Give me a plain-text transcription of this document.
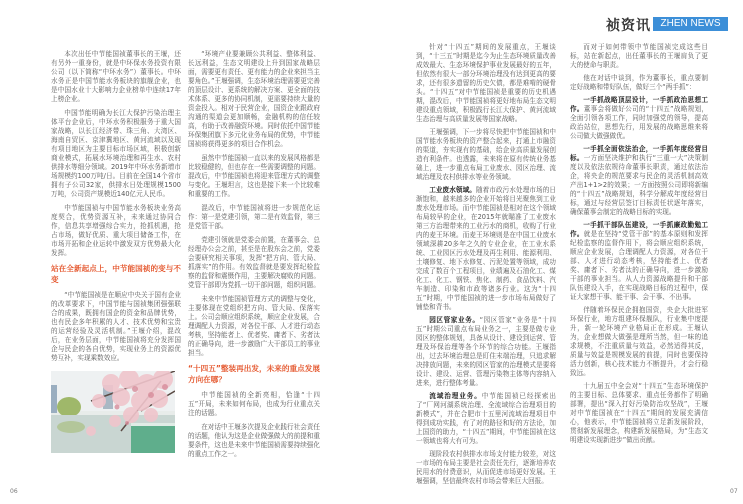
本次出任中节能国祯董事长的王堰，还有另外一重身份，就是中环保水务投资有限公司（以下简称“中环水务”）董事长。中环水务正是中国节能水务板块的旗舰企业，也是中国水业十大影响力企业榜单中连续17年上榜企业。

中国节能明确为长江大保护污染治理主体平台企业后，中环水务积极服务于重大国家战略，以长江经济带、珠三角、大湾区、海南自贸区、京津冀地区、黄河流域以及现有项目地区为主要目标市场区域，积极创新商业模式，拓展水环境治理和再生水、农村供排水等细分领域。2019年中环水务新增市场规模约100万吨/日。目前在全国14个省市拥有子公司32家，供排水日处理规模1500万吨，公司资产规模近140亿元人民币。

中节能国祯与中国节能水务板块业务高度契合，优势资源互补，未来通过协同合作，信息共享增强综合实力，抢抓机遇，抢占市场，做好优质、重大项目储备工作，在市场开拓和企业运转中激发双方优势最大化发挥。

站在全新起点上，中节能国祯的变与不变

“中节能国祯是在顺应中央关于国有企业的改革要求下，中国节能与国祯集团强强联合的成果，既拥有国企的资金和品牌优势，也有民企多年积累的人才、技术优势和宝贵的运营经验及灵活机制。”王堰介绍，混改后，在业务层面，中节能国祯将充分发挥国企与民企的各自优势，实现业务上的资源优势互补，实现乘数效应。

“环境产业要兼顾公共利益、整体利益、长远利益，生态文明建设上升到国家战略层面，需要更有责任、更有能力的企业来担当主要角色。”王堰强调，生态环境治理需要更完善的顶层设计、更系统的解决方案、更全面的技术体系、更多的协同机制，更需要持续大量的资金投入。相对于民营企业，国资企业跟政府沟通的渠道会更加顺畅，金融机构的信任较高，有助于改善融资环境。同时依托中国节能环保集团旗下多元化业务布局的优势，中节能国祯将获得更多的项目合作机会。

虽然中节能国祯一直以来的发展风格都是比较稳健的，但也存在一些需要调整的问题。混改后，中节能国祯也将迎来管理方式的调整与变化。王堰坦言，这也是接下来一个比较难和重要的工作。

混改后，中节能国祯将进一步规范化运作：第一是党建引领，第二是有效监督，第三是党管干部。

党建引领就是党委会前置，在董事会、总经理办公会之前，甚至是在股东会之前，党委会要研究相关事项，发挥“把方向、管大局、抓落实”的作用。有效监督就是要发挥纪检监察的监督和震慑作用，主要解决腐败的问题。党管干部即为党抓一切干部问题，组织问题。

未来中节能国祯管理方式的调整与变化，主要体现在党组织把方向、管大局、保落实上。公司会顺应组织系统，顺应企业发展，合理调配人力资源，对各位干部、人才进行动态考核，坚持能者上、优者奖、庸者下、劣者汰的正确导向，进一步激励广大干部员工的事业担当。

“十四五”整装再出发，未来的重点发展方向在哪？

中节能国祯的全新亮相，恰逢“十四五”开局，未来如何布局，也成为行业重点关注的话题。

在对话中王堰多次提及企业践行社会责任的话题，他认为这是企业做强做大的前提和重要条件，这也是未来中节能国祯需要持续强化的重点工作之一。

06	07
祯资讯 ZHEN NEWS

针对“十四五”期间的发展重点，王堰谈到，“十三五”时期是迄今为止生态环境质量改善成效最大、生态环境保护事业发展最好的五年，但依然有很大一部分环境治理没有达到更高的要求，还有很多遗留的历史欠债，都是难啃的硬骨头。“十四五”对中节能国祯是重要的历史机遇期，混改后，中节能国祯将更好地布局生态文明建设重点领域，积极践行长江大保护、黄河流域生态治理与高质量发展等国家战略。

王堰强调，下一步将尽快把中节能国祯和中国节能水务板块的资产整合起来，打通上市融资的渠道，夯实现有的基础，给企业高质量发展创造有利条件。也透露，未来将在原有传统业务基础上，进一步重点布局工业废水、园区治理、流域治理及农村供排水等业务领域。

工业废水领域。随着市政污水处理市场的日渐饱和，越来越多的企业开始将目光聚焦到工业废水处理市场。而中节能国祯是相对在这个领域布局较早的企业，在2015年就瞄准了工业废水第三方治理带来的工业污水的商机，收购了行业内的麦王环境。而麦王环境则是在中国工业废水领域深耕20多年之久的专业企业，在工业水系统、工业园区污水处理及再生利用、能源利用、土壤修复、地下水修复、污泥处置等领域，成功完成了数百个工程项目，业绩遍及石油化工、煤化工、化工、钢铁、焦化、制药、食品饮料、汽车制造、印染和市政等诸多行业。这为“十四五”时期，中节能国祯的进一步市场布局做好了铺垫和背书。

园区管家业务。“园区管家”业务是“十四五”时期公司重点布局业务之一，主要是做专业园区的整体规划，具备从设计、建设到运营、管理及环保治理等各个环节的综合功能。王堰指出，过去环境治理总是盯住末端治理，只追求解决排放问题，未来的园区管家的治理模式是要将设计、建设、运营、管理污染物主体等内容纳入进来，进行整体考量。

流域治理业务。中节能国祯已经探索出了“厂网河湖系统治理、全流域综合治理项目的新模式”，并在合肥市十五里河流域治理项目中得到成功实践，有了对的路径和好的方法论，加上国资的助力，“十四五”期间，中节能国祯在这一领域也将大有可为。

现阶段农村供排水市场支付能力较差，对这一市场的布局主要是社会责任先行，逐渐培养农民用水的付费意识，从而促进市场更好发展。王堰强调，坚信最终农村市场会带来巨大回报。

而对于如何带领中节能国祯完成这些目标，站在新起点，出任董事长的王堰肩负了更大的使命与职责。

他在对话中谈到，作为董事长，重点要制定好战略和带好队伍，做好三个“两手抓”：

一手抓战略顶层设计，一手抓政治思想工作。董事会将做好公司的“十四五”战略规划，全面引领各项工作，同时加强党的领导，提高政治站位，思想先行，用发展的战略思维来将公司做大做强做优。

一手抓全面依法治企，一手抓年度经营目标。一方面坚决维护和执行“三重一大”决策制度以及依法依规待命董事长职责，通过依法治企，将央企的规范要求与民企的灵活机制高效产出1+1>2的效果；一方面按照公司即将新编的“十四五”战略规划，科学分解成年度经营目标，通过与经营层签订目标责任状逐年落实，确保董事会制定的战略目标的实现。

一手抓干部队伍建设，一手抓廉政勤勉工作。就是在坚持“党管干部”的基本原则和发挥纪检监察的监督作用下，将会顺应组织系统，顺应企业发展，合理调配人力资源，对各位干部、人才进行动态考核，坚持能者上、优者奖、庸者下、劣者汰的正确导向，进一步激励干部的事业担当。从人力资源战略提升和干部队伍建设入手，在实现战略目标的过程中，保证大家想干事、能干事、会干事、不出事。

伴随着环保民企拥抱国资，央企大批进军环保行业，地方组建环保舰队，行业集中度提升，新一轮环境产业格局正在形成。王堰认为，企业想做大做强是理所当然，但一味的追求规模，不注重质量与效益，必然适得其反，质量与效益是规模发展的前提，同时也要保持活力创新，核心技术能力不断提升，才会行稳致远。

十九届五中全会对“十四五”生态环境保护的主要目标、总体要求、重点任务都作了明确部署，提出“深入打好污染防治攻坚战”，王堰对中节能国祯在“十四五”期间的发展充满信心，他表示，中节能国祯将立足新发展阶段，贯彻新发展理念，构建新发展格局，为“生态文明建设实现新进步”做出贡献。
